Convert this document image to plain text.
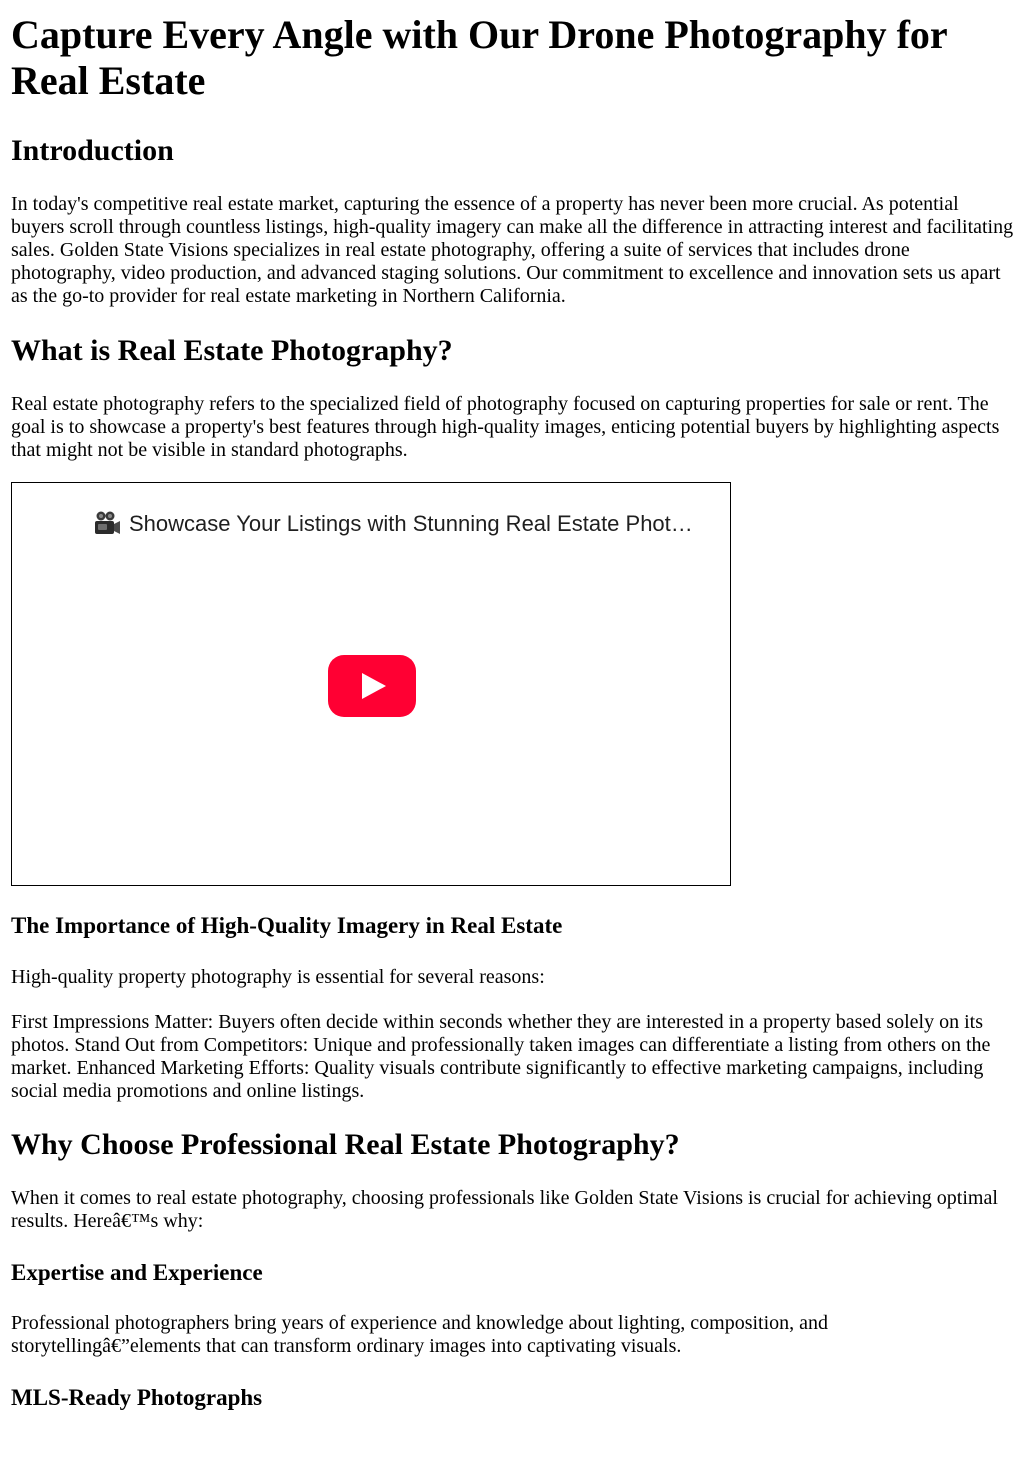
Capture Every Angle with Our Drone Photography for Real Estate
Introduction

In today's competitive real estate market, capturing the essence of a property has never been more crucial. As potential buyers scroll through countless listings, high-quality imagery can make all the difference in attracting interest and facilitating sales. Golden State Visions specializes in real estate photography, offering a suite of services that includes drone photography, video production, and advanced staging solutions. Our commitment to excellence and innovation sets us apart as the go-to provider for real estate marketing in Northern California.

What is Real Estate Photography?

Real estate photography refers to the specialized field of photography focused on capturing properties for sale or rent. The goal is to showcase a property's best features through high-quality images, enticing potential buyers by highlighting aspects that might not be visible in standard photographs.

Showcase Your Listings with Stunning Real Estate Phot…
The Importance of High-Quality Imagery in Real Estate

High-quality property photography is essential for several reasons:

First Impressions Matter: Buyers often decide within seconds whether they are interested in a property based solely on its photos. Stand Out from Competitors: Unique and professionally taken images can differentiate a listing from others on the market. Enhanced Marketing Efforts: Quality visuals contribute significantly to effective marketing campaigns, including social media promotions and online listings.

Why Choose Professional Real Estate Photography?

When it comes to real estate photography, choosing professionals like Golden State Visions is crucial for achieving optimal results. Hereâ€™s why:

Expertise and Experience

Professional photographers bring years of experience and knowledge about lighting, composition, and storytellingâ€”elements that can transform ordinary images into captivating visuals.

MLS-Ready Photographs
